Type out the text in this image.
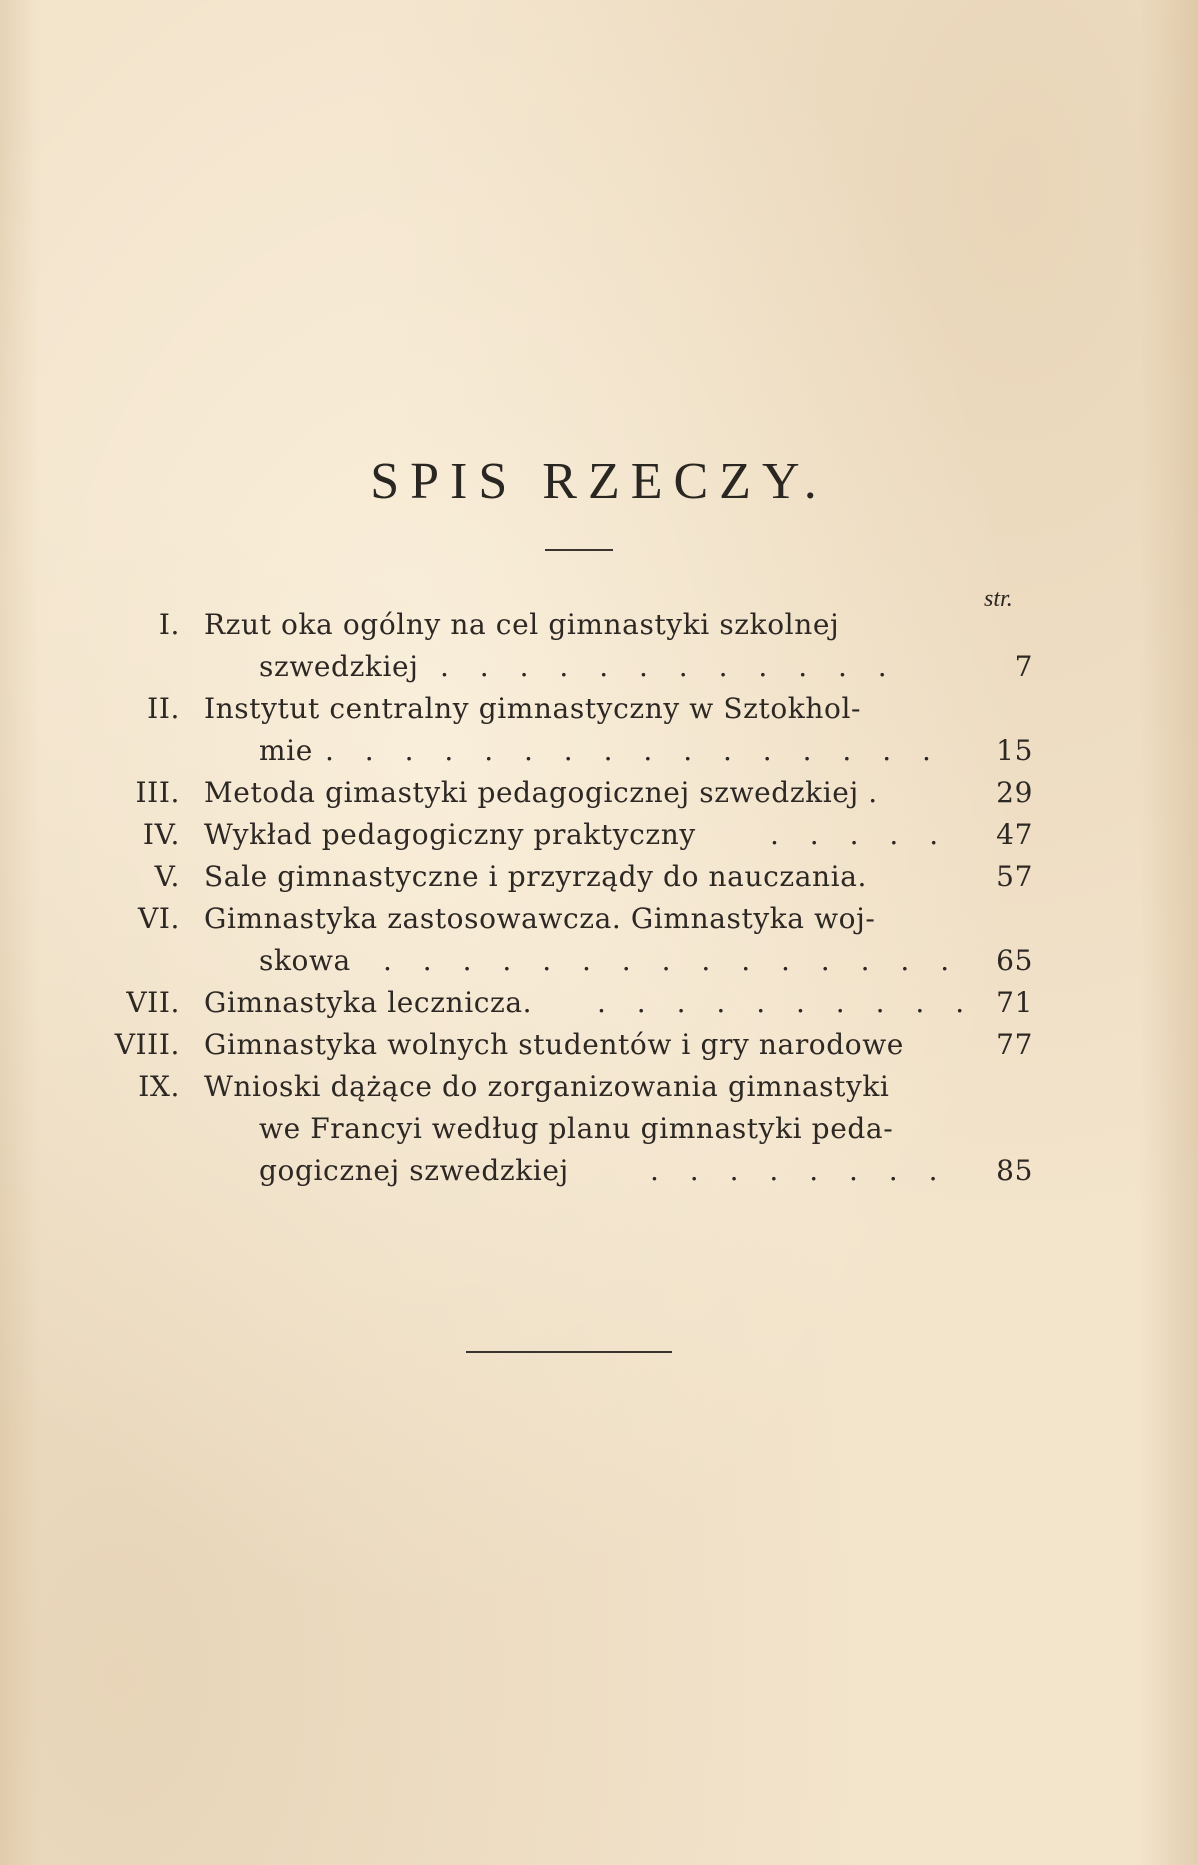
SPIS RZECZY.
str.
I. Rzut oka ogólny na cel gimnastyki szkolnej
szwedzkiej . . . . . . . . . . . .	7
II. Instytut centralny gimnastyczny w Sztokhol-
mie . . . . . . . . . . . . . . . .	15
III. Metoda gimastyki pedagogicznej szwedzkiej .	29
IV. Wykład pedagogiczny praktyczny	. . . . .	47
V. Sale gimnastyczne i przyrządy do nauczania.	57
VI. Gimnastyka zastosowawcza. Gimnastyka woj-
skowa . . . . . . . . . . . . . . .	65
VII. Gimnastyka lecznicza. . . . . . . . . . . 71
VIII. Gimnastyka wolnych studentów i gry narodowe	77
IX. Wnioski dążące do zorganizowania gimnastyki
we Francyi według planu gimnastyki peda-
gogicznej szwedzkiej	. . . . . . . .	85
